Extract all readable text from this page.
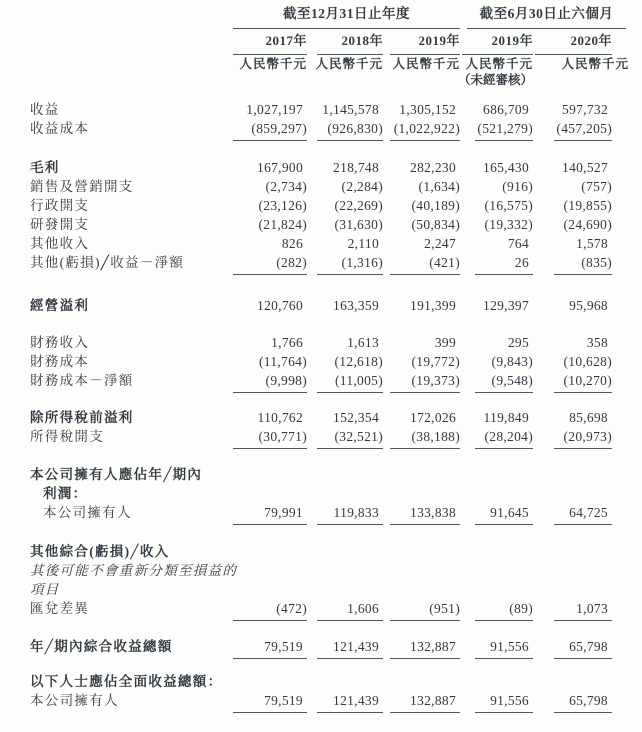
截至12月31日止年度	截至6月30日止六個月
2017年	2018年	2019年	2019年	2020年
人民幣千元 人民幣千元 人民幣千元 人民幣千元 人民幣千元
（未經審核）
收益	1,027,197	1,145,578	1,305,152	686,709	597,732
收益成本	(859,297)	(926,830) (1,022,922)	(521,279)	(457,205)
毛利	167,900	218,748	282,230	165,430	140,527
銷售及營銷開支	(2,734)	(2,284)	(1,634)	(916)	(757)
行政開支	(23,126)	(22,269)	(40,189)	(16,575)	(19,855)
研發開支	(21,824)	(31,630)	(50,834)	(19,332)	(24,690)
其他收入	826	2,110	2,247	764	1,578
其他(虧損)╱收益－淨額	(282)	(1,316)	(421)	26	(835)
經營溢利	120,760	163,359	191,399	129,397	95,968
財務收入	1,766	1,613	399	295	358
財務成本	(11,764)	(12,618)	(19,772)	(9,843)	(10,628)
財務成本－淨額	(9,998)	(11,005)	(19,373)	(9,548)	(10,270)
除所得稅前溢利	110,762	152,354	172,026	119,849	85,698
所得稅開支	(30,771)	(32,521)	(38,188)	(28,204)	(20,973)
本公司擁有人應佔年╱期內
利潤：
本公司擁有人	79,991	119,833	133,838	91,645	64,725
其他綜合(虧損)╱收入
其後可能不會重新分類至損益的
項目
匯兌差異	(472)	1,606	(951)	(89)	1,073
年╱期內綜合收益總額	79,519	121,439	132,887	91,556	65,798
以下人士應佔全面收益總額：
本公司擁有人	79,519	121,439	132,887	91,556	65,798
